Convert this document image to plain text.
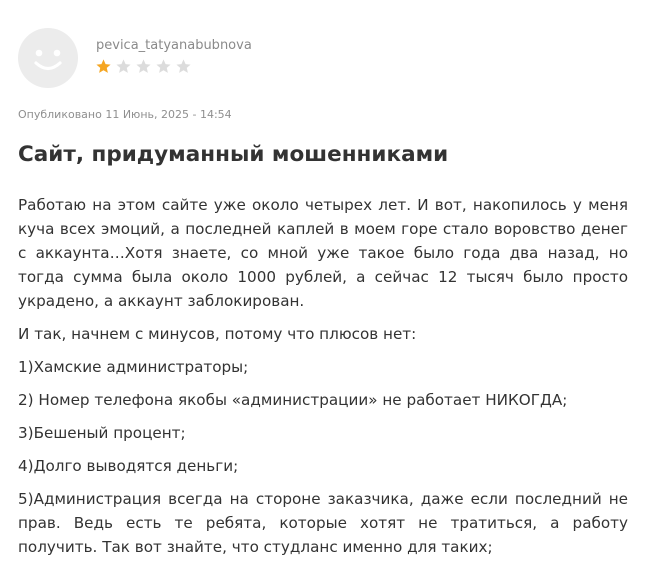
pevica_tatyanabubnova
Опубликовано 11 Июнь, 2025 - 14:54
Сайт, придуманный мошенниками

Работаю на этом сайте уже около четырех лет. И вот, накопилось у меня куча всех эмоций, а последней каплей в моем горе стало воровство денег с аккаунта…Хотя знаете, со мной уже такое было года два назад, но тогда сумма была около 1000 рублей, а сейчас 12 тысяч было просто украдено, а аккаунт заблокирован.

И так, начнем с минусов, потому что плюсов нет:

1)Хамские администраторы;

2) Номер телефона якобы «администрации» не работает НИКОГДА;

3)Бешеный процент;

4)Долго выводятся деньги;

5)Администрация всегда на стороне заказчика, даже если последний не прав. Ведь есть те ребята, которые хотят не тратиться, а работу получить. Так вот знайте, что студланс именно для таких;
